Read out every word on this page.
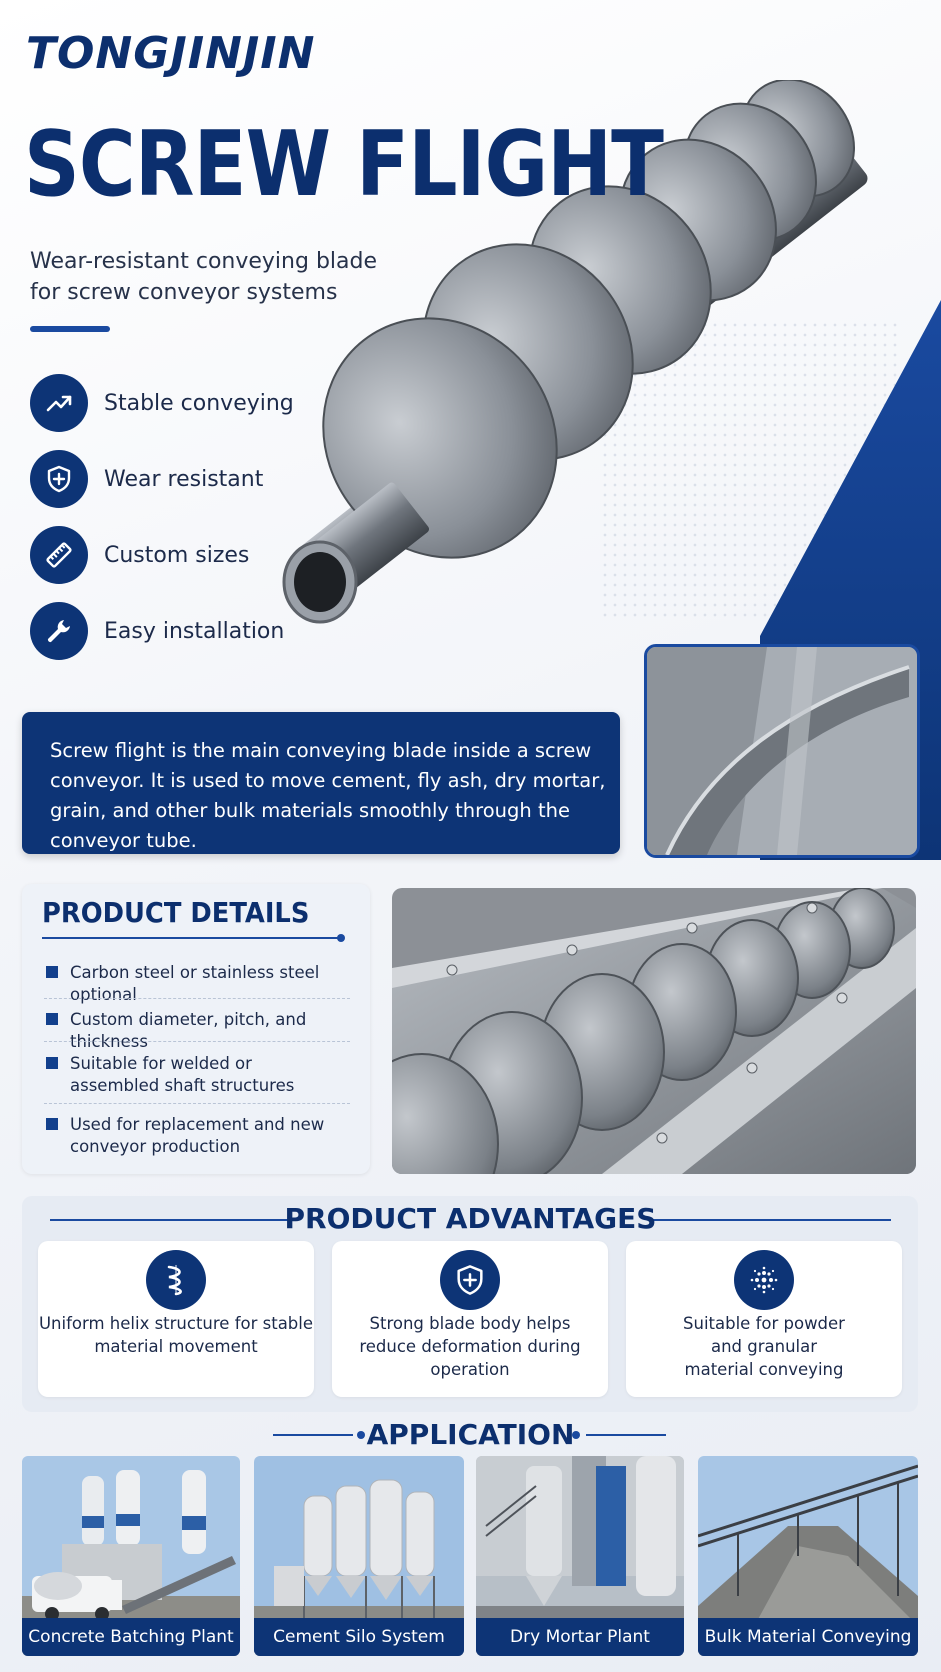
TONGJINJIN
SCREW FLIGHT
Wear-resistant conveying blade for screw conveyor systems
Stable conveying
Wear resistant
Custom sizes
Easy installation
Screw flight is the main conveying blade inside a screw conveyor. It is used to move cement, fly ash, dry mortar, grain, and other bulk materials smoothly through the conveyor tube.
PRODUCT DETAILS
Carbon steel or stainless steel optional
Custom diameter, pitch, and thickness
Suitable for welded or assembled shaft structures
Used for replacement and new conveyor production
PRODUCT ADVANTAGES
Uniform helix structure for stable material movement
Strong blade body helps reduce deformation during operation
Suitable for powder and granular material conveying
APPLICATION
Concrete Batching Plant	Cement Silo System	Dry Mortar Plant	Bulk Material Conveying
